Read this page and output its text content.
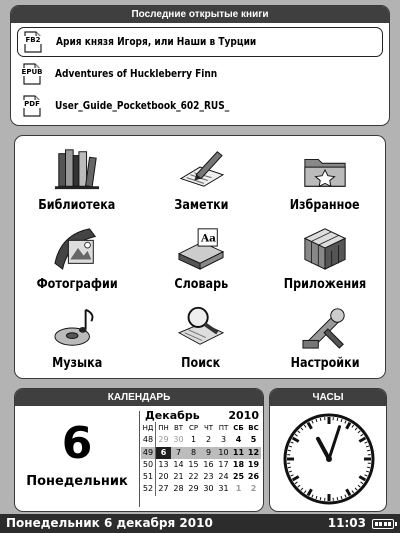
Последние открытые книги
FB2	Ария князя Игоря, или Наши в Турции
EPUB Adventures of Huckleberry Finn
PDF	User_Guide_Pocketbook_602_RUS_
Библиотека	Заметки	Избранное
Фотографии
Aa
Словарь	Приложения
Музыка	Поиск	Настройки
КАЛЕНДАРЬ
6
Понедельник
Декабрь	2010
НД ПН ВТ СР ЧТ ПТ СБ ВС
48 29 30 1	2	3	4	5
49 6	7	8	9 10 11 12
50 13 14 15 16 17 18 19
51 20 21 22 23 24 25 26
52 27 28 29 30 31 1	2
ЧАСЫ
Понедельник 6 декабря 2010	11:03
